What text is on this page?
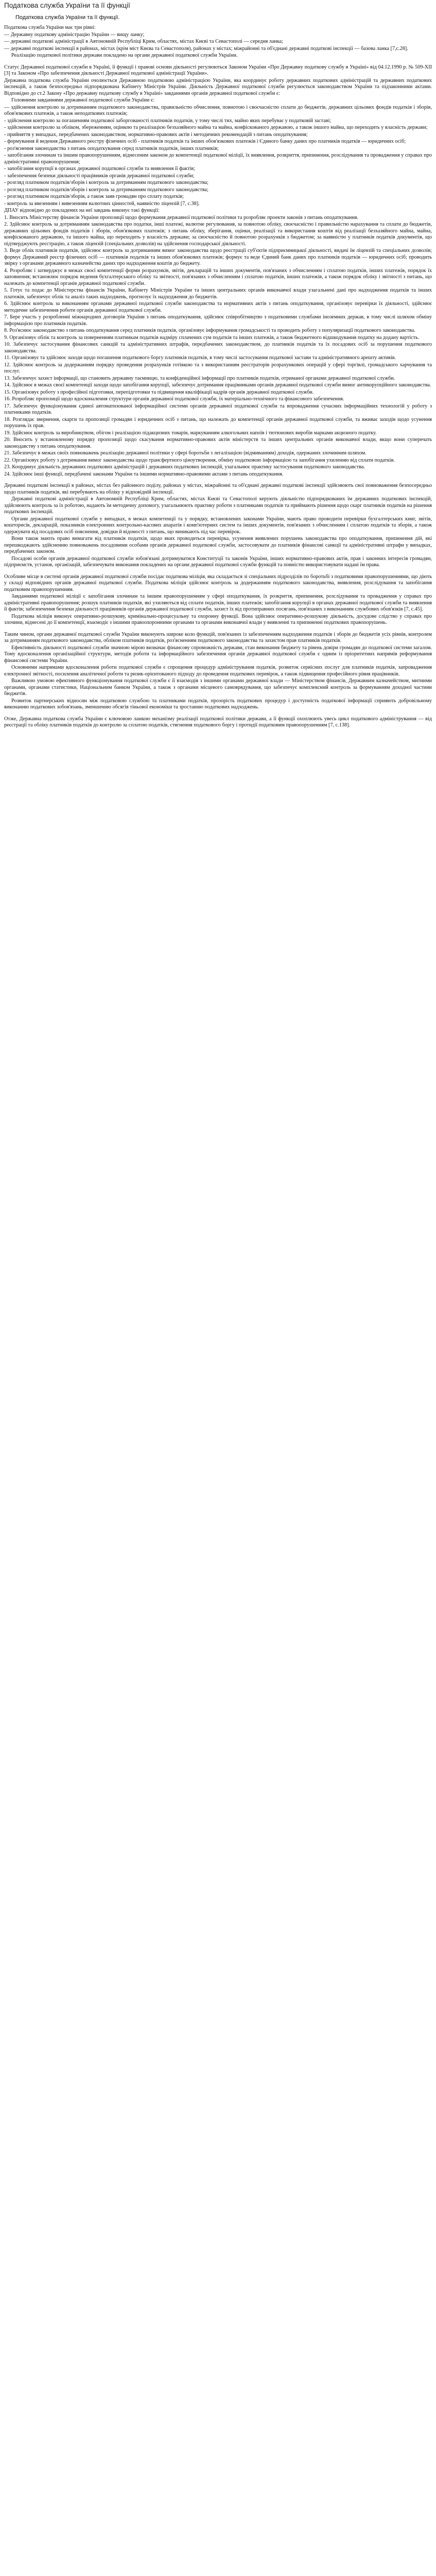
Податкова служба України та її функції

Податкова служба України та її функції.

Податкова служба України має три рівні:

— Державну податкову адміністрацію України — вищу ланку;

— державні податкові адміністрації в Автономній Республіці Крим, областях, містах Києві та Севастополі — середня ланка;

— державні податкові інспекції в районах, містах (крім міст Києва та Севастополя), районах у містах; міжрайонні та об'єднані державні податкові інспекції — базова ланка [7,с.28].

Реалізацію податкової політики держави покладено на органи державної податкової служби України.

Статус Державної податкової служби в Україні, її функції і правові основи діяльності регулюються Законом України «Про Державну податкову службу в Україні» від 04.12.1990 р. № 509-ХІІ [3] та Законом «Про забезпечення діяльності Державної податкової адміністрації України».

Державна податкова служба України очолюється Державною податковою адміністрацією України, яка координує роботу державних податкових адміністрацій та державних податкових інспекцій, а також безпосередньо підпорядкована Кабінету Міністрів України. Діяльність Державної податкової служби регулюється законодавством України та підзаконними актами. Відповідно до ст.2 Закону «Про державну податкову службу в Україні» завданнями органів державної податкової служби є:

Головними завданнями державної податкової служби України є:

— здійснення контролю за дотриманням податкового законодавства, правильністю обчислення, повнотою і своєчасністю сплати до бюджетів, державних цільових фондів податків і зборів, обов'язкових платежів, а також неподаткових платежів;

- здійснення контролю за погашенням податкової заборгованості платників податків, у тому числі тих, майно яких перебуває у податковій заставі;

- здійснення контролю за обліком, збереженням, оцінкою та реалізацією безхазяйного майна та майна, конфіскованого державою, а також іншого майна, що переходить у власність держави;

- прийняття у випадках, передбачених законодавством, нормативно-правових актів і методичних рекомендацій з питань оподаткування;

- формування й ведення Державного реєстру фізичних осіб - платників податків та інших обов'язкових платежів і Єдиного банку даних про платників податків — юридичних осіб;

- роз'яснення законодавства з питань оподаткування серед платників податків, інших платників;

- запобігання злочинам та іншим правопорушенням, віднесеним законом до компетенції податкової міліції, їх виявлення, розкриття, припинення, розслідування та провадження у справах про адміністративні правопорушення;

- запобігання корупції в органах державної податкової служби та виявлення її фактів;

- забезпечення безпеки діяльності працівників органів державної податкової служби;

- розгляд платником податків/зборів і контроль за дотриманням податкового законодавства;

- розгляд платником податків/зборів і контроль за дотриманням податкового законодавства;

- розгляд платником податків/зборів, а також заяв громадян про сплату податків;

- контроль за ввезенням і вивезенням валютних цінностей, наявністю ліцензій [7, с.38].

ДПАУ відповідно до покладених на неї завдань виконує такі функції:

1. Вносить Міністерству фінансів України пропозиції щодо формування державної податкової політики та розробляє проекти законів з питань оподаткування.

2. Здійснює контроль за дотриманням законодавства про податки, інші платежі, валютне регулювання, за повнотою обліку, своєчасністю і правильністю нарахування та сплати до бюджетів, державних цільових фондів податків і зборів, обов'язкових платежів; з питань обліку, зберігання, оцінки, реалізації та використання коштів від реалізації безхазяйного майна, майна, конфіскованого державою, та іншого майна, що переходить у власність держави; за своєчасністю й повнотою розрахунків з бюджетом; за наявністю у платників податків документів, що підтверджують реєстрацію, а також ліцензій (спеціальних дозволів) на здійснення господарської діяльності.

3. Веде облік платників податків, здійснює контроль за дотриманням вимог законодавства щодо реєстрації суб'єктів підприємницької діяльності, видачі їм ліцензій та спеціальних дозволів; формує Державний реєстр фізичних осіб — платників податків та інших обов'язкових платежів; формує та веде Єдиний банк даних про платників податків — юридичних осіб; проводить звірку з органами державного казначейства даних про надходження коштів до бюджету.

4. Розробляє і затверджує в межах своєї компетенції форми розрахунків, звітів, декларацій та інших документів, пов'язаних з обчисленням і сплатою податків, інших платежів, порядок їх заповнення; встановлює порядок ведення бухгалтерського обліку та звітності, пов'язаних з обчисленням і сплатою податків, інших платежів, а також порядок обліку і звітності з питань, що належать до компетенції органів державної податкової служби.

5. Готує та подає до Міністерства фінансів України, Кабінету Міністрів України та інших центральних органів виконавчої влади узагальнені дані про надходження податків та інших платежів, забезпечує облік та аналіз таких надходжень, прогнозує їх надходження до бюджетів.

6. Здійснює контроль за виконанням органами державної податкової служби законодавства та нормативних актів з питань оподаткування, організовує перевірки їх діяльності, здійснює методичне забезпечення роботи органів державної податкової служби.

7. Бере участь у розробленні міжнародних договорів України з питань оподаткування, здійснює співробітництво з податковими службами іноземних держав, в тому числі шляхом обміну інформацією про платників податків.

8. Роз'яснює законодавство з питань оподаткування серед платників податків, організовує інформування громадськості та проводить роботу з популяризації податкового законодавства.

9. Організовує облік та контроль за поверненням платникам податків надміру сплачених сум податків та інших платежів, а також бюджетного відшкодування податку на додану вартість.

10. Забезпечує застосування фінансових санкцій та адміністративних штрафів, передбачених законодавством, до платників податків та їх посадових осіб за порушення податкового законодавства.

11. Організовує та здійснює заходи щодо погашення податкового боргу платників податків, в тому числі застосування податкової застави та адміністративного арешту активів.

12. Здійснює контроль за додержанням порядку проведення розрахунків готівкою та з використанням реєстраторів розрахункових операцій у сфері торгівлі, громадського харчування та послуг.

13. Забезпечує захист інформації, що становить державну таємницю, та конфіденційної інформації про платників податків, отриманої органами державної податкової служби.

14. Здійснює в межах своєї компетенції заходи щодо запобігання корупції, забезпечує дотримання працівниками органів державної податкової служби вимог антикорупційного законодавства.

15. Організовує роботу з професійної підготовки, перепідготовки та підвищення кваліфікації кадрів органів державної податкової служби.

16. Розробляє пропозиції щодо вдосконалення структури органів державної податкової служби, їх матеріально-технічного та фінансового забезпечення.

17. Забезпечує функціонування єдиної автоматизованої інформаційної системи органів державної податкової служби та впровадження сучасних інформаційних технологій у роботу з платниками податків.

18. Розглядає звернення, скарги та пропозиції громадян і юридичних осіб з питань, що належать до компетенції органів державної податкової служби, та вживає заходів щодо усунення порушень їх прав.

19. Здійснює контроль за виробництвом, обігом і реалізацією підакцизних товарів, маркуванням алкогольних напоїв і тютюнових виробів марками акцизного податку.

20. Вносить у встановленому порядку пропозиції щодо скасування нормативно-правових актів міністерств та інших центральних органів виконавчої влади, якщо вони суперечать законодавству з питань оподаткування.

21. Забезпечує в межах своїх повноважень реалізацію державної політики у сфері боротьби з легалізацією (відмиванням) доходів, одержаних злочинним шляхом.

22. Організовує роботу з дотримання вимог законодавства щодо трансфертного ціноутворення, обміну податковою інформацією та запобігання ухиленню від сплати податків.

23. Координує діяльність державних податкових адміністрацій і державних податкових інспекцій, узагальнює практику застосування податкового законодавства.

24. Здійснює інші функції, передбачені законами України та іншими нормативно-правовими актами з питань оподаткування.

Державні податкові інспекції в районах, містах без районного поділу, районах у містах, міжрайонні та об'єднані державні податкові інспекції здійснюють свої повноваження безпосередньо щодо платників податків, які перебувають на обліку у відповідній інспекції.

Державні податкові адміністрації в Автономній Республіці Крим, областях, містах Києві та Севастополі керують діяльністю підпорядкованих їм державних податкових інспекцій, здійснюють контроль за їх роботою, надають їм методичну допомогу, узагальнюють практику роботи з платниками податків та приймають рішення щодо скарг платників податків на рішення податкових інспекцій.

Органи державної податкової служби у випадках, в межах компетенції та у порядку, встановлених законами України, мають право проводити перевірки бухгалтерських книг, звітів, кошторисів, декларацій, показників електронних контрольно-касових апаратів і комп'ютерних систем та інших документів, пов'язаних з обчисленням і сплатою податків та зборів, а також одержувати від посадових осіб пояснення, довідки й відомості з питань, що виникають під час перевірок.

Вони також мають право вимагати від платників податків, щодо яких проводиться перевірка, усунення виявлених порушень законодавства про оподаткування, припинення дій, які перешкоджають здійсненню повноважень посадовими особами органів державної податкової служби, застосовувати до платників фінансові санкції та адміністративні штрафи у випадках, передбачених законом.

Посадові особи органів державної податкової служби зобов'язані дотримуватися Конституції та законів України, інших нормативно-правових актів, прав і законних інтересів громадян, підприємств, установ, організацій, забезпечувати виконання покладених на органи державної податкової служби функцій та повністю використовувати надані їм права.

Особливе місце в системі органів державної податкової служби посідає податкова міліція, яка складається зі спеціальних підрозділів по боротьбі з податковими правопорушеннями, що діють у складі відповідних органів державної податкової служби. Податкова міліція здійснює контроль за додержанням податкового законодавства, виявлення, розслідування та запобігання податковим правопорушенням.

Завданнями податкової міліції є запобігання злочинам та іншим правопорушенням у сфері оподаткування, їх розкриття, припинення, розслідування та провадження у справах про адміністративні правопорушення; розшук платників податків, які ухиляються від сплати податків, інших платежів; запобігання корупції в органах державної податкової служби та виявлення її фактів; забезпечення безпеки діяльності працівників органів державної податкової служби, захист їх від протиправних посягань, пов'язаних з виконанням службових обов'язків [7, с.45].

Податкова міліція виконує оперативно-розшукову, кримінально-процесуальну та охоронну функції. Вона здійснює оперативно-розшукову діяльність, досудове слідство у справах про злочини, віднесені до її компетенції, взаємодіє з іншими правоохоронними органами та органами виконавчої влади у виявленні та припиненні податкових правопорушень.

Таким чином, органи державної податкової служби України виконують широке коло функцій, пов'язаних із забезпеченням надходження податків і зборів до бюджетів усіх рівнів, контролем за дотриманням податкового законодавства, обліком платників податків, роз'ясненням податкового законодавства та захистом прав платників податків.

Ефективність діяльності податкової служби значною мірою визначає фінансову спроможність держави, стан виконання бюджету та рівень довіри громадян до податкової системи загалом. Тому вдосконалення організаційної структури, методів роботи та інформаційного забезпечення органів державної податкової служби є одним із пріоритетних напрямів реформування фінансової системи України.

Основними напрямами вдосконалення роботи податкової служби є спрощення процедур адміністрування податків, розвиток сервісних послуг для платників податків, запровадження електронної звітності, посилення аналітичної роботи та ризик-орієнтованого підходу до проведення податкових перевірок, а також підвищення професійного рівня працівників.

Важливою умовою ефективного функціонування податкової служби є її взаємодія з іншими органами державної влади — Міністерством фінансів, Державним казначейством, митними органами, органами статистики, Національним банком України, а також з органами місцевого самоврядування, що забезпечує комплексний контроль за формуванням доходної частини бюджетів.

Розвиток партнерських відносин між податковою службою та платниками податків, прозорість податкових процедур і доступність податкової інформації сприяють добровільному виконанню податкових зобов'язань, зменшенню обсягів тіньової економіки та зростанню податкових надходжень.

Отже, Державна податкова служба України є ключовою ланкою механізму реалізації податкової політики держави, а її функції охоплюють увесь цикл податкового адміністрування — від реєстрації та обліку платників податків до контролю за сплатою податків, стягнення податкового боргу і протидії податковим правопорушенням [7, с.138].
